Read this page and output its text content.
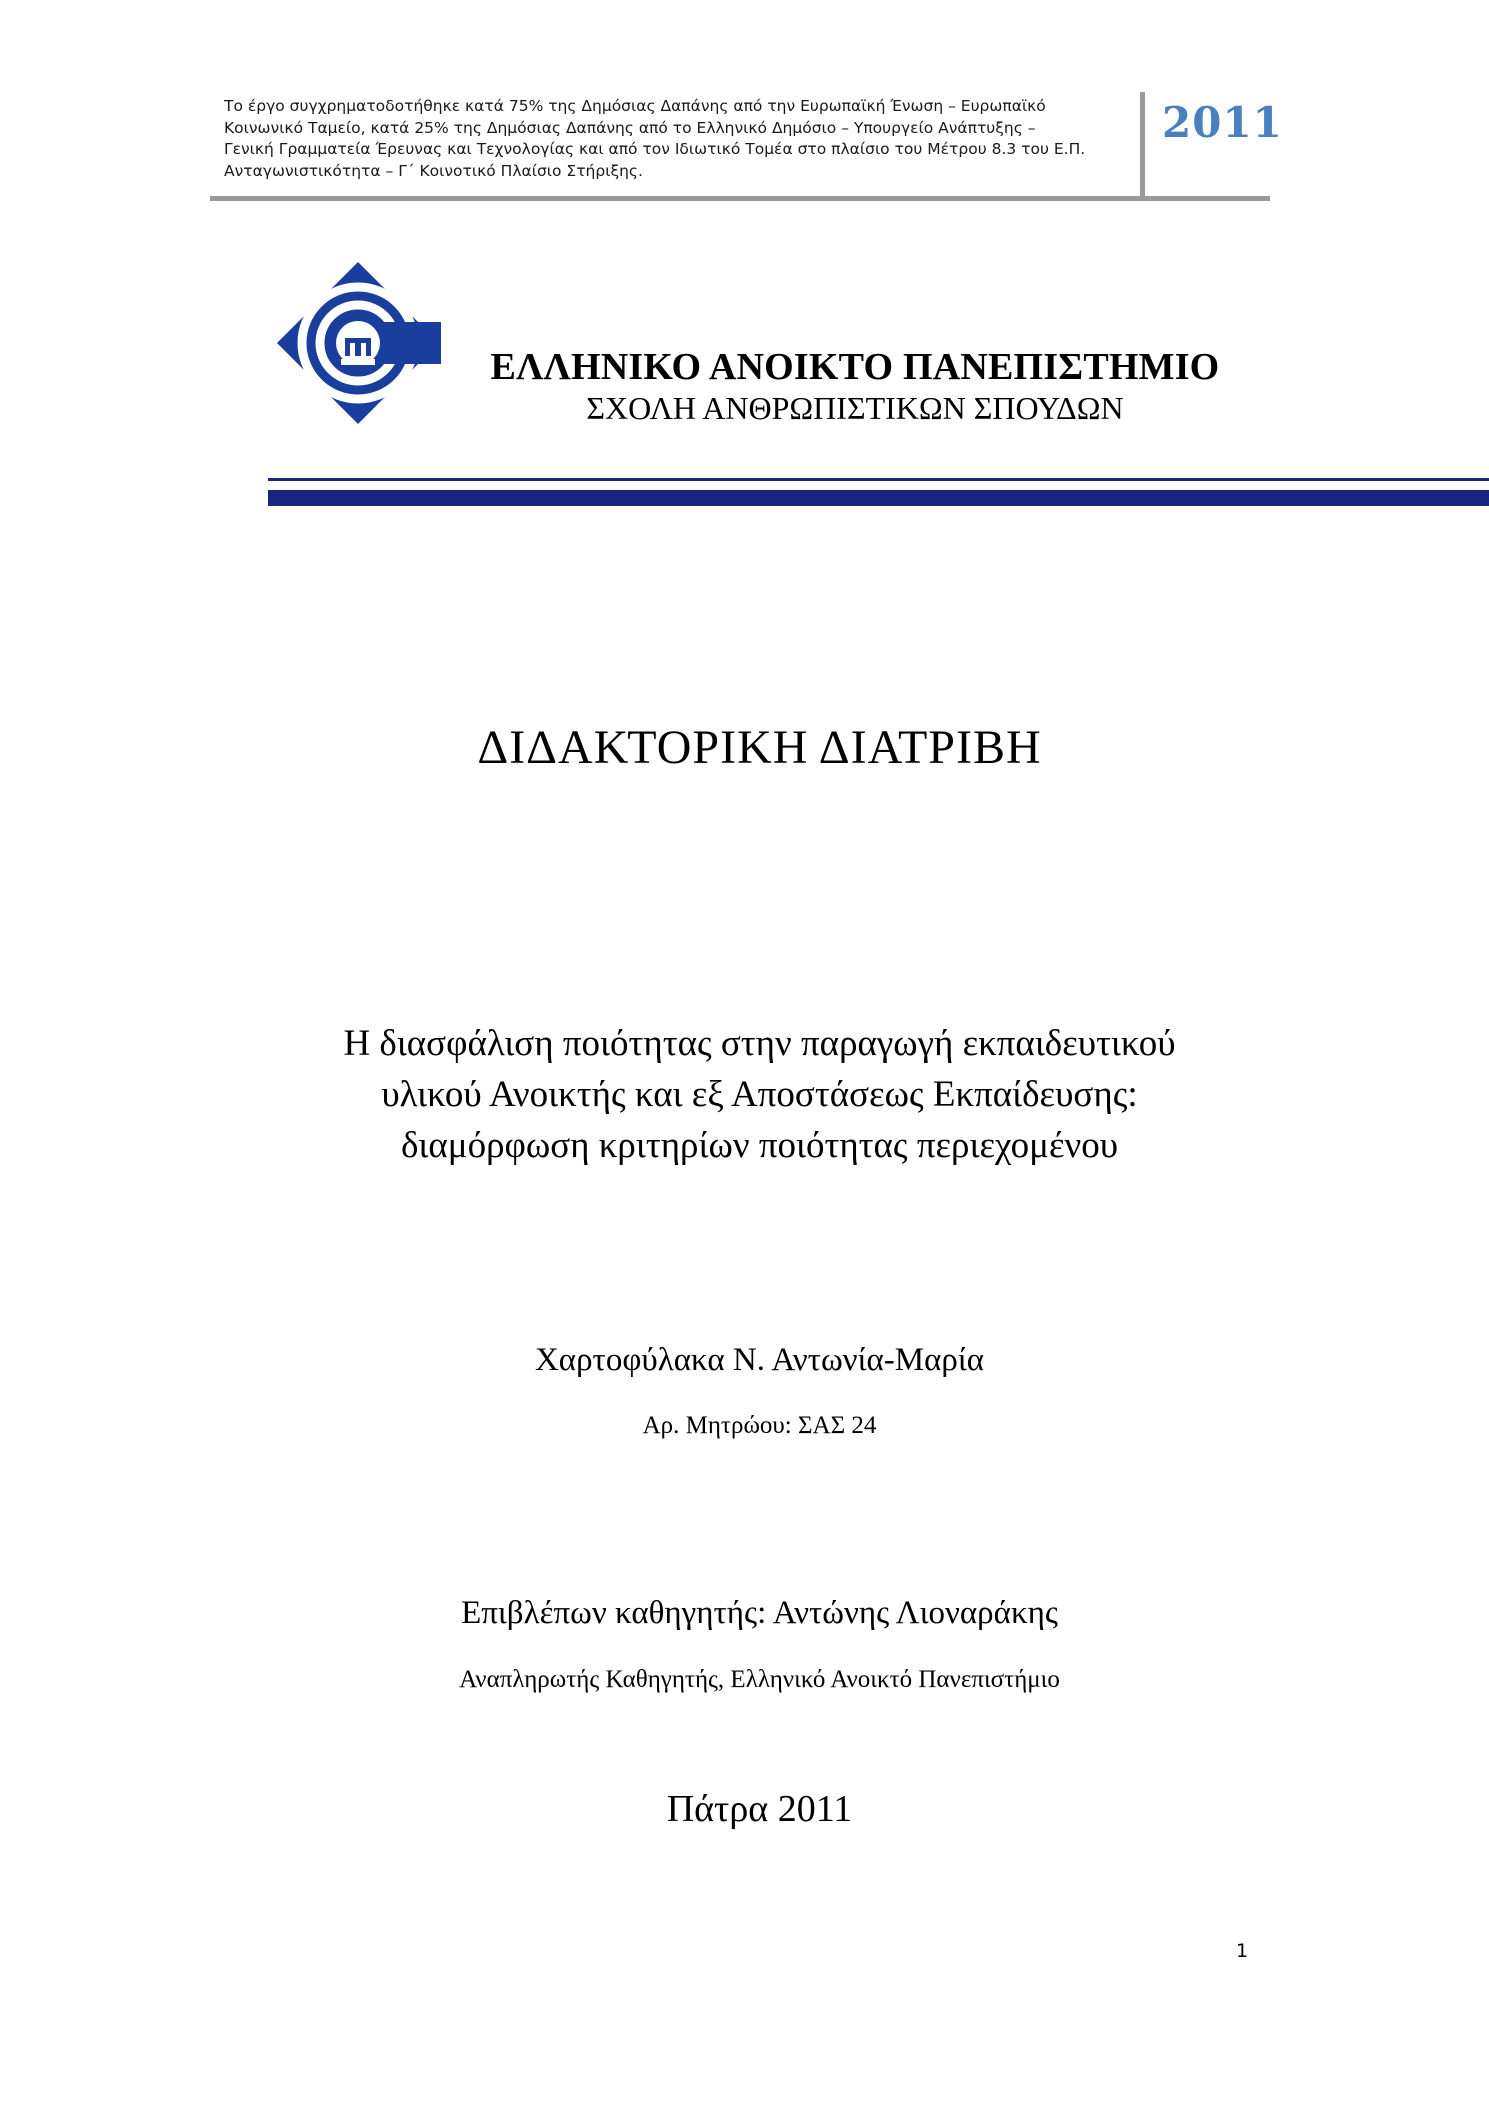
Το έργο συγχρηματοδοτήθηκε κατά 75% της Δημόσιας Δαπάνης από την Ευρωπαϊκή Ένωση – Ευρωπαϊκό
Κοινωνικό Ταμείο, κατά 25% της Δημόσιας Δαπάνης από το Ελληνικό Δημόσιο – Υπουργείο Ανάπτυξης –
Γενική Γραμματεία Έρευνας και Τεχνολογίας και από τον Ιδιωτικό Τομέα στο πλαίσιο του Μέτρου 8.3 του Ε.Π.
Ανταγωνιστικότητα – Γ΄ Κοινοτικό Πλαίσιο Στήριξης.
2011
ΕΛΛΗΝΙΚΟ ΑΝΟΙΚΤΟ ΠΑΝΕΠΙΣΤΗΜΙΟ
ΣΧΟΛΗ ΑΝΘΡΩΠΙΣΤΙΚΩΝ ΣΠΟΥΔΩΝ
ΔΙΔΑΚΤΟΡΙΚΗ ΔΙΑΤΡΙΒΗ
Η διασφάλιση ποιότητας στην παραγωγή εκπαιδευτικού
υλικού Ανοικτής και εξ Αποστάσεως Εκπαίδευσης:
διαμόρφωση κριτηρίων ποιότητας περιεχομένου
Χαρτοφύλακα Ν. Αντωνία-Μαρία
Αρ. Μητρώου: ΣΑΣ 24
Επιβλέπων καθηγητής: Αντώνης Λιοναράκης
Αναπληρωτής Καθηγητής, Ελληνικό Ανοικτό Πανεπιστήμιο
Πάτρα 2011
1
